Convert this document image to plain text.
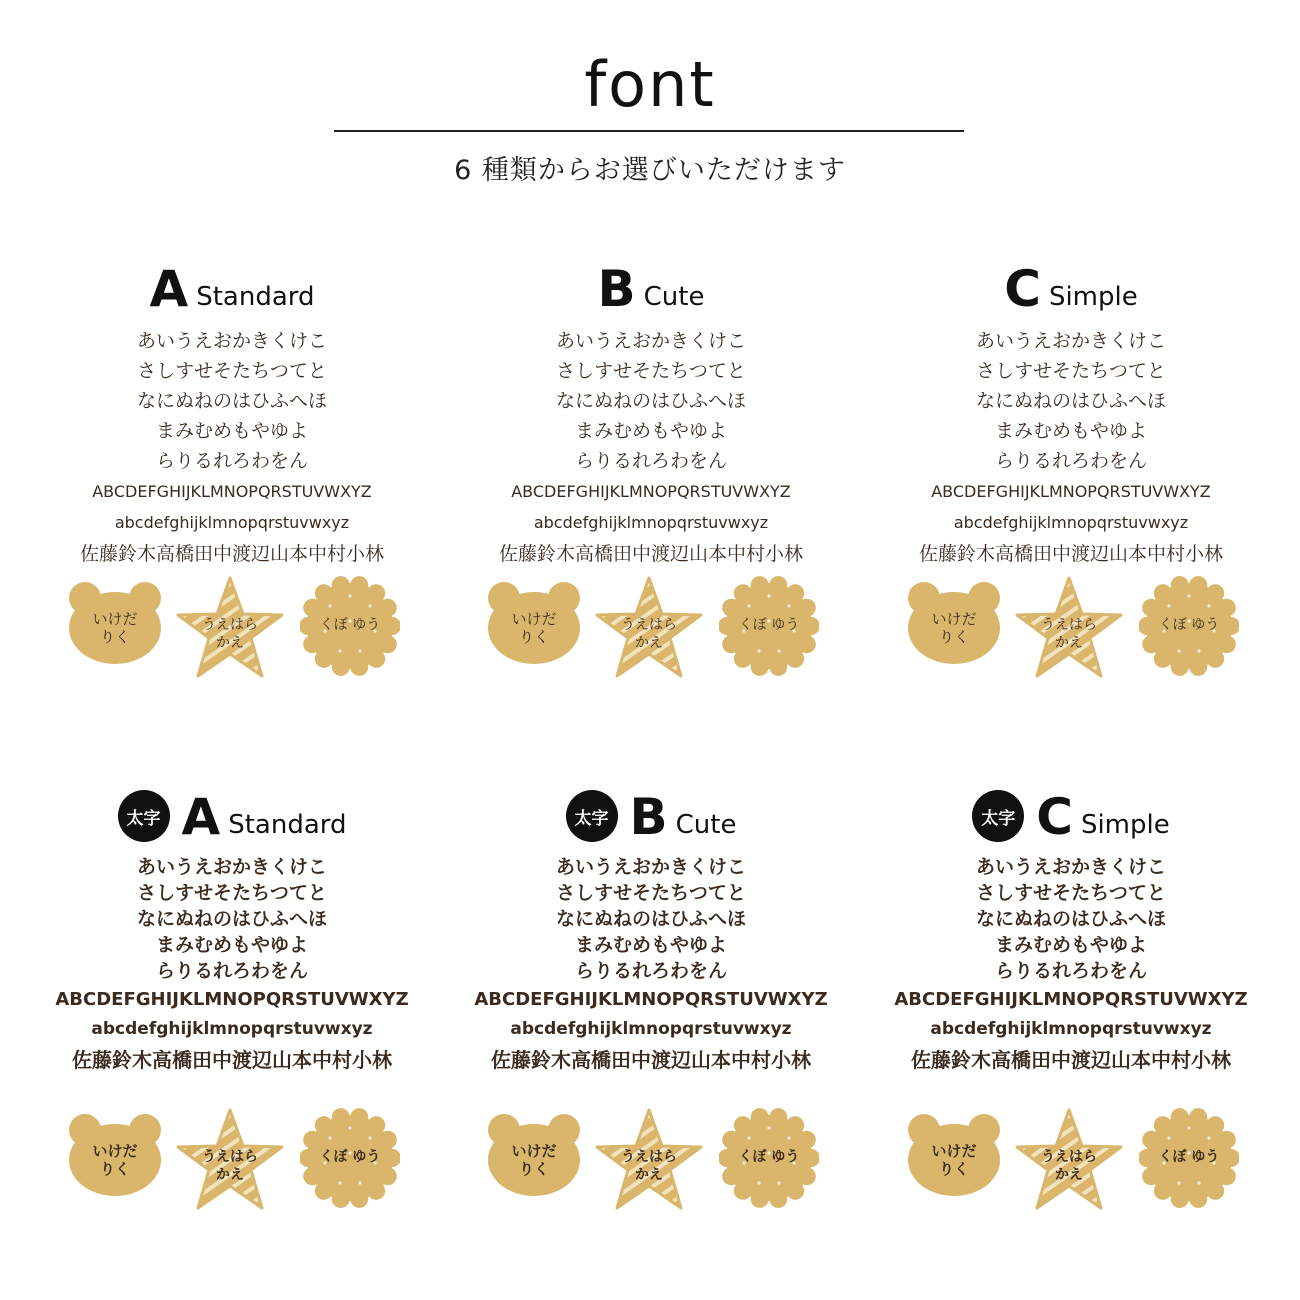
font
6 種類からお選びいただけます
A Standard
あいうえおかきくけこ
さしすせそたちつてと
なにぬねのはひふへほ
まみむめもやゆよ
らりるれろわをん
ABCDEFGHIJKLMNOPQRSTUVWXYZ
abcdefghijklmnopqrstuvwxyz
佐藤鈴木高橋田中渡辺山本中村小林
いけだ
りく
うえはら
かえ
くぼ ゆう
B Cute
あいうえおかきくけこ
さしすせそたちつてと
なにぬねのはひふへほ
まみむめもやゆよ
らりるれろわをん
ABCDEFGHIJKLMNOPQRSTUVWXYZ
abcdefghijklmnopqrstuvwxyz
佐藤鈴木高橋田中渡辺山本中村小林
いけだ
りく
うえはら
かえ
くぼ ゆう
C Simple
あいうえおかきくけこ
さしすせそたちつてと
なにぬねのはひふへほ
まみむめもやゆよ
らりるれろわをん
ABCDEFGHIJKLMNOPQRSTUVWXYZ
abcdefghijklmnopqrstuvwxyz
佐藤鈴木高橋田中渡辺山本中村小林
いけだ
りく
うえはら
かえ
くぼ ゆう
太字 A Standard
あいうえおかきくけこ
さしすせそたちつてと
なにぬねのはひふへほ
まみむめもやゆよ
らりるれろわをん
ABCDEFGHIJKLMNOPQRSTUVWXYZ
abcdefghijklmnopqrstuvwxyz
佐藤鈴木高橋田中渡辺山本中村小林
いけだ
りく
うえはら
かえ
くぼ ゆう
太字 B Cute
あいうえおかきくけこ
さしすせそたちつてと
なにぬねのはひふへほ
まみむめもやゆよ
らりるれろわをん
ABCDEFGHIJKLMNOPQRSTUVWXYZ
abcdefghijklmnopqrstuvwxyz
佐藤鈴木高橋田中渡辺山本中村小林
いけだ
りく
うえはら
かえ
くぼ ゆう
太字 C Simple
あいうえおかきくけこ
さしすせそたちつてと
なにぬねのはひふへほ
まみむめもやゆよ
らりるれろわをん
ABCDEFGHIJKLMNOPQRSTUVWXYZ
abcdefghijklmnopqrstuvwxyz
佐藤鈴木高橋田中渡辺山本中村小林
いけだ
りく
うえはら
かえ
くぼ ゆう
